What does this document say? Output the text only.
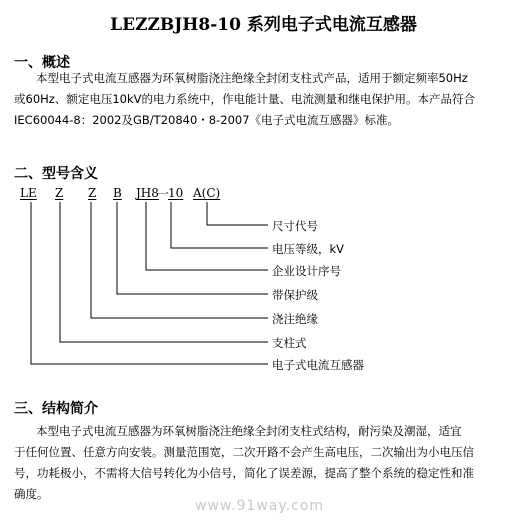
LEZZBJH8-10 系列电子式电流互感器
一、概述

本型电子式电流互感器为环氧树脂浇注绝缘全封闭支柱式产品，适用于额定频率50Hz

或60Hz、额定电压10kV的电力系统中，作电能计量、电流测量和继电保护用。本产品符合

IEC60044-8：2002及GB/T20840・8-2007《电子式电流互感器》标准。

二、型号含义
LE Z Z B JH8
一
10 A(C)
尺寸代号
电压等级，kV
企业设计序号
带保护级
浇注绝缘
支柱式
电子式电流互感器
三、结构简介

本型电子式电流互感器为环氧树脂浇注绝缘全封闭支柱式结构，耐污染及潮湿，适宜

于任何位置、任意方向安装。测量范围宽，二次开路不会产生高电压，二次输出为小电压信

号，功耗极小，不需将大信号转化为小信号，简化了误差源，提高了整个系统的稳定性和准

确度。

www.91way.com
